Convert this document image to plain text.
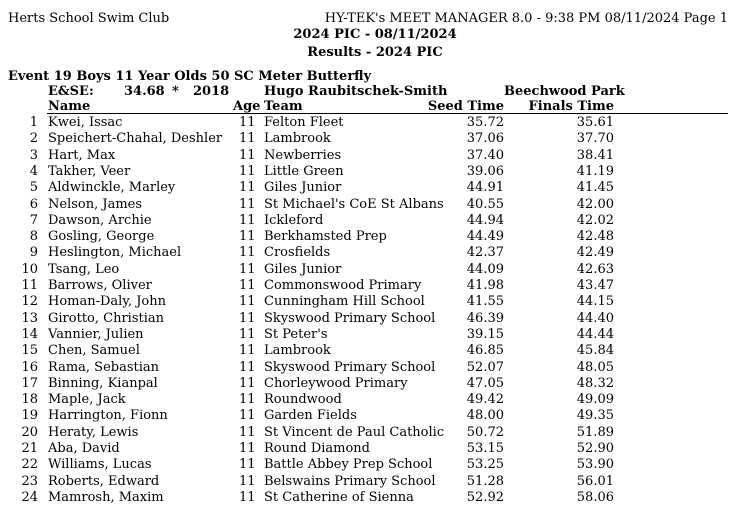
Herts School Swim Club	HY-TEK's MEET MANAGER 8.0 - 9:38 PM 08/11/2024 Page 1
2024 PIC - 08/11/2024
Results - 2024 PIC
Event 19 Boys 11 Year Olds 50 SC Meter Butterfly
E&SE: 34.68 * 2018	Hugo Raubitschek-Smith	Beechwood Park
Name	Age Team	Seed Time Finals Time
1 Kwei, Issac	11 Felton Fleet	35.72	35.61
2 Speichert-Chahal, Deshler 11 Lambrook	37.06	37.70
3 Hart, Max	11 Newberries	37.40	38.41
4 Takher, Veer	11 Little Green	39.06	41.19
5 Aldwinckle, Marley	11 Giles Junior	44.91	41.45
6 Nelson, James	11 St Michael's CoE St Albans 40.55	42.00
7 Dawson, Archie	11 Ickleford	44.94	42.02
8 Gosling, George	11 Berkhamsted Prep	44.49	42.48
9 Heslington, Michael	11 Crosfields	42.37	42.49
10 Tsang, Leo	11 Giles Junior	44.09	42.63
11 Barrows, Oliver	11 Commonswood Primary	41.98	43.47
12 Homan-Daly, John	11 Cunningham Hill School	41.55	44.15
13 Girotto, Christian	11 Skyswood Primary School 46.39	44.40
14 Vannier, Julien	11 St Peter's	39.15	44.44
15 Chen, Samuel	11 Lambrook	46.85	45.84
16 Rama, Sebastian	11 Skyswood Primary School 52.07	48.05
17 Binning, Kianpal	11 Chorleywood Primary	47.05	48.32
18 Maple, Jack	11 Roundwood	49.42	49.09
19 Harrington, Fionn	11 Garden Fields	48.00	49.35
20 Heraty, Lewis	11 St Vincent de Paul Catholic 50.72	51.89
21 Aba, David	11 Round Diamond	53.15	52.90
22 Williams, Lucas	11 Battle Abbey Prep School	53.25	53.90
23 Roberts, Edward	11 Belswains Primary School 51.28	56.01
24 Mamrosh, Maxim	11 St Catherine of Sienna	52.92	58.06
